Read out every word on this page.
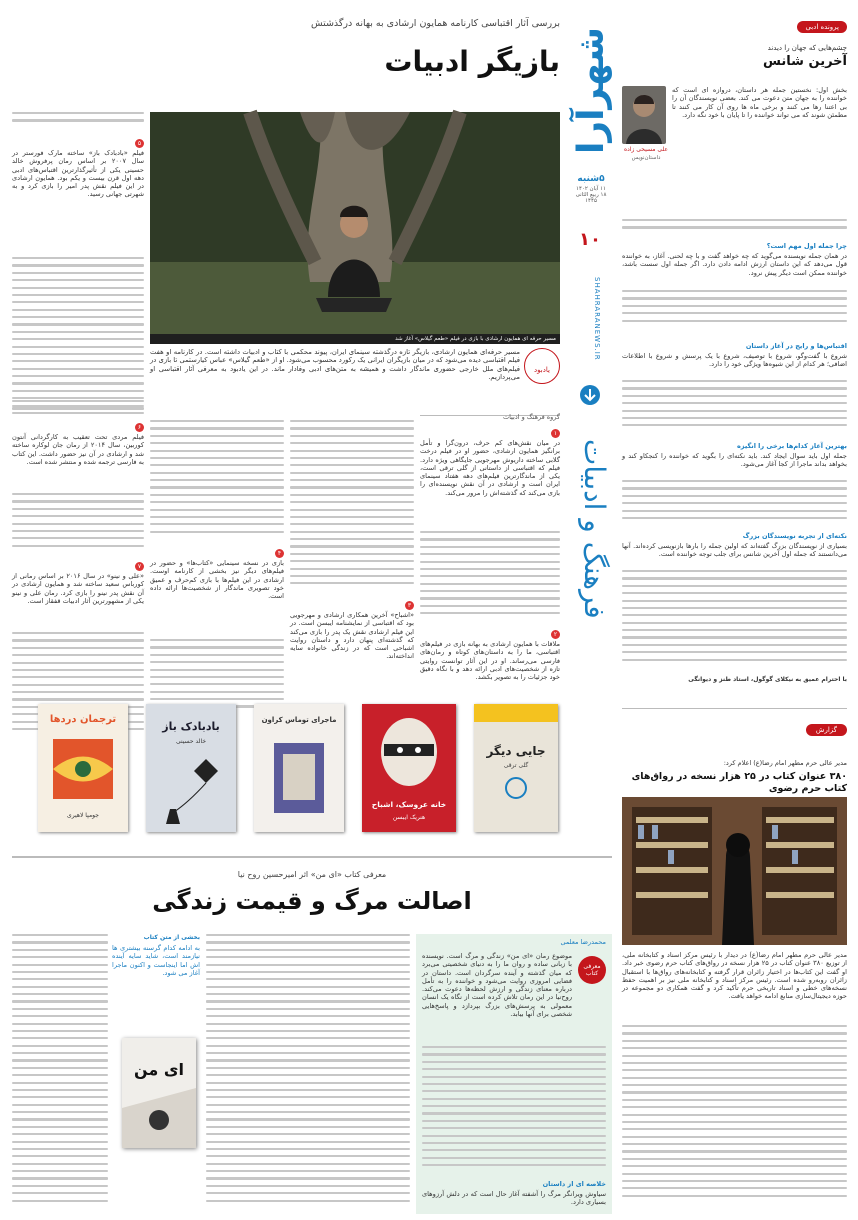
شهرآرا
۵شنبه
۱۱ آبان ۱۴۰۲
۱۸ ربیع الثانی ۱۴۴۵
۱۰
SHAHRARANEWS.IR
فرهنگ و ادبیات
پرونده ادبی
چشم‌هایی که جهان را دیدند
آخرین شانس
علی مسیحی زاده
داستان‌نویس
بخش اول: نخستین جمله هر داستان، دروازه ای است که خواننده را به جهان متن دعوت می کند. بعضی نویسندگان آن را بی اعتنا رها می کنند و برخی ماه ها روی آن کار می کنند تا مطمئن شوند که می تواند خواننده را تا پایان با خود نگه دارد.
چرا جمله اول مهم است؟
در همان جمله نویسنده می‌گوید که چه خواهد گفت و با چه لحنی. آغاز، به خواننده قول می‌دهد که این داستان ارزش ادامه دادن دارد. اگر جمله اول سست باشد، خواننده ممکن است دیگر پیش نرود.
اقتباس‌ها و رایج در آغاز داستان
شروع با گفت‌وگو، شروع با توصیف، شروع با یک پرسش و شروع با اطلاعات اضافی؛ هر کدام از این شیوه‌ها ویژگی خود را دارد.
بهترین آغاز کدام‌ها برخی را انگیزه
جمله اول باید سوال ایجاد کند. باید نکته‌ای را بگوید که خواننده را کنجکاو کند و بخواهد بداند ماجرا از کجا آغاز می‌شود.
نکته‌ای از تجربه نویسندگان بزرگ
بسیاری از نویسندگان بزرگ گفته‌اند که اولین جمله را بارها بازنویسی کرده‌اند. آنها می‌دانستند که جمله اول آخرین شانس برای جلب توجه خواننده است.
با احترام عمیق به نیکلای گوگول، استاد طنز و دیوانگی
گزارش
مدیر عالی حرم مطهر امام رضا(ع) اعلام کرد:
۳۸۰ عنوان کتاب در ۲۵ هزار نسخه در رواق‌های کتاب حرم رضوی
مدیر عالی حرم مطهر امام رضا(ع) در دیدار با رئیس مرکز اسناد و کتابخانه ملی، از توزیع ۳۸۰ عنوان کتاب در ۲۵ هزار نسخه در رواق‌های کتاب حرم رضوی خبر داد. او گفت این کتاب‌ها در اختیار زائران قرار گرفته و کتابخانه‌های رواق‌ها با استقبال زائران روبه‌رو شده است. رئیس مرکز اسناد و کتابخانه ملی نیز بر اهمیت حفظ نسخه‌های خطی و اسناد تاریخی حرم تأکید کرد و گفت همکاری دو مجموعه در حوزه دیجیتال‌سازی منابع ادامه خواهد یافت.
بررسی آثار اقتباسی کارنامه همایون ارشادی به بهانه درگذشتش
بازیگر ادبیات
۵
فیلم «بادبادک باز» ساخته مارک فورستر در سال ۲۰۰۷ بر اساس رمان پرفروش خالد حسینی یکی از تأثیرگذارترین اقتباس‌های ادبی دهه اول قرن بیست و یکم بود. همایون ارشادی در این فیلم نقش پدر امیر را بازی کرد و به شهرتی جهانی رسید.
مسیر حرفه ای همایون ارشادی با بازی در فیلم «طعم گیلاس» آغاز شد
یادبود
مسیر حرفه‌ای همایون ارشادی، بازیگر تازه درگذشته سینمای ایران، پیوند محکمی با کتاب و ادبیات داشته است. در کارنامه او هفت فیلم اقتباسی دیده می‌شود که در میان بازیگران ایرانی یک رکورد محسوب می‌شود. او از «طعم گیلاس» عباس کیارستمی تا بازی در فیلم‌های ملل خارجی حضوری ماندگار داشت و همیشه به متن‌های ادبی وفادار ماند. در این یادبود به معرفی آثار اقتباسی او می‌پردازیم.
گروه فرهنگ و ادبیات
۱
در میان نقش‌های کم حرف، درون‌گرا و تأمل برانگیز همایون ارشادی، حضور او در فیلم درخت گلابی ساخته داریوش مهرجویی جایگاهی ویژه دارد. فیلم که اقتباسی از داستانی از گلی ترقی است، یکی از ماندگارترین فیلم‌های دهه هفتاد سینمای ایران است و ارشادی در آن نقش نویسنده‌ای را بازی می‌کند که گذشته‌اش را مرور می‌کند.
۲
ملاقات با همایون ارشادی به بهانه بازی در فیلم‌های اقتباسی، ما را به داستان‌های کوتاه و رمان‌های فارسی می‌رساند. او در این آثار توانست روایتی تازه از شخصیت‌های ادبی ارائه دهد و با نگاه دقیق خود جزئیات را به تصویر بکشد.
۳
«اشباح» آخرین همکاری ارشادی و مهرجویی بود که اقتباسی از نمایشنامه ایبسن است. در این فیلم ارشادی نقش یک پدر را بازی می‌کند که گذشته‌ای پنهان دارد و داستان روایت اشباحی است که در زندگی خانواده سایه انداخته‌اند.
۴
بازی در نسخه سینمایی «کتاب‌ها» و حضور در فیلم‌های دیگر نیز بخشی از کارنامه اوست. ارشادی در این فیلم‌ها با بازی کم‌حرف و عمیق خود تصویری ماندگار از شخصیت‌ها ارائه داده است.
۶
فیلم مردی تحت تعقیب به کارگردانی آنتون کوربین، سال ۲۰۱۴ از رمان جان لوکاره ساخته شد و ارشادی در آن نیز حضور داشت. این کتاب به فارسی ترجمه شده و منتشر شده است.
۷
«علی و نینو» در سال ۲۰۱۶ بر اساس رمانی از کورباس سعید ساخته شد و همایون ارشادی در آن نقش پدر نینو را بازی کرد. رمان علی و نینو یکی از مشهورترین آثار ادبیات قفقاز است.
جایی دیگر
گلی ترقی
خانه عروسک، اشباح
هنریک ایبسن
ماجرای توماس کراون
بادبادک باز
خالد حسینی
ترجمان دردها
جومپا لاهیری
معرفی کتاب «ای من» اثر امیرحسین روح نیا
اصالت مرگ و قیمت زندگی
محمدرضا معلمی
معرفی کتاب
موضوع رمان «ای من» زندگی و مرگ است. نویسنده با زبانی ساده و روان ما را به دنیای شخصیتی می‌برد که میان گذشته و آینده سرگردان است. داستان در فضایی امروزی روایت می‌شود و خواننده را به تأمل درباره معنای زندگی و ارزش لحظه‌ها دعوت می‌کند. روح‌نیا در این رمان تلاش کرده است از نگاه یک انسان معمولی به پرسش‌های بزرگ بپردازد و پاسخ‌هایی شخصی برای آنها بیابد.
خلاصه ای از داستان
سیاوش ویرانگر مرگ را آشفته آغاز حال است که در دلش آرزوهای بسیاری دارد.
بخشی از متن کتاب
به ادامه کدام گرسنه بیشتری ها نیازمند است، شاید سایه آینده اش اما اینجاست و اکنون ماجرا آغاز می شود.
ای من
